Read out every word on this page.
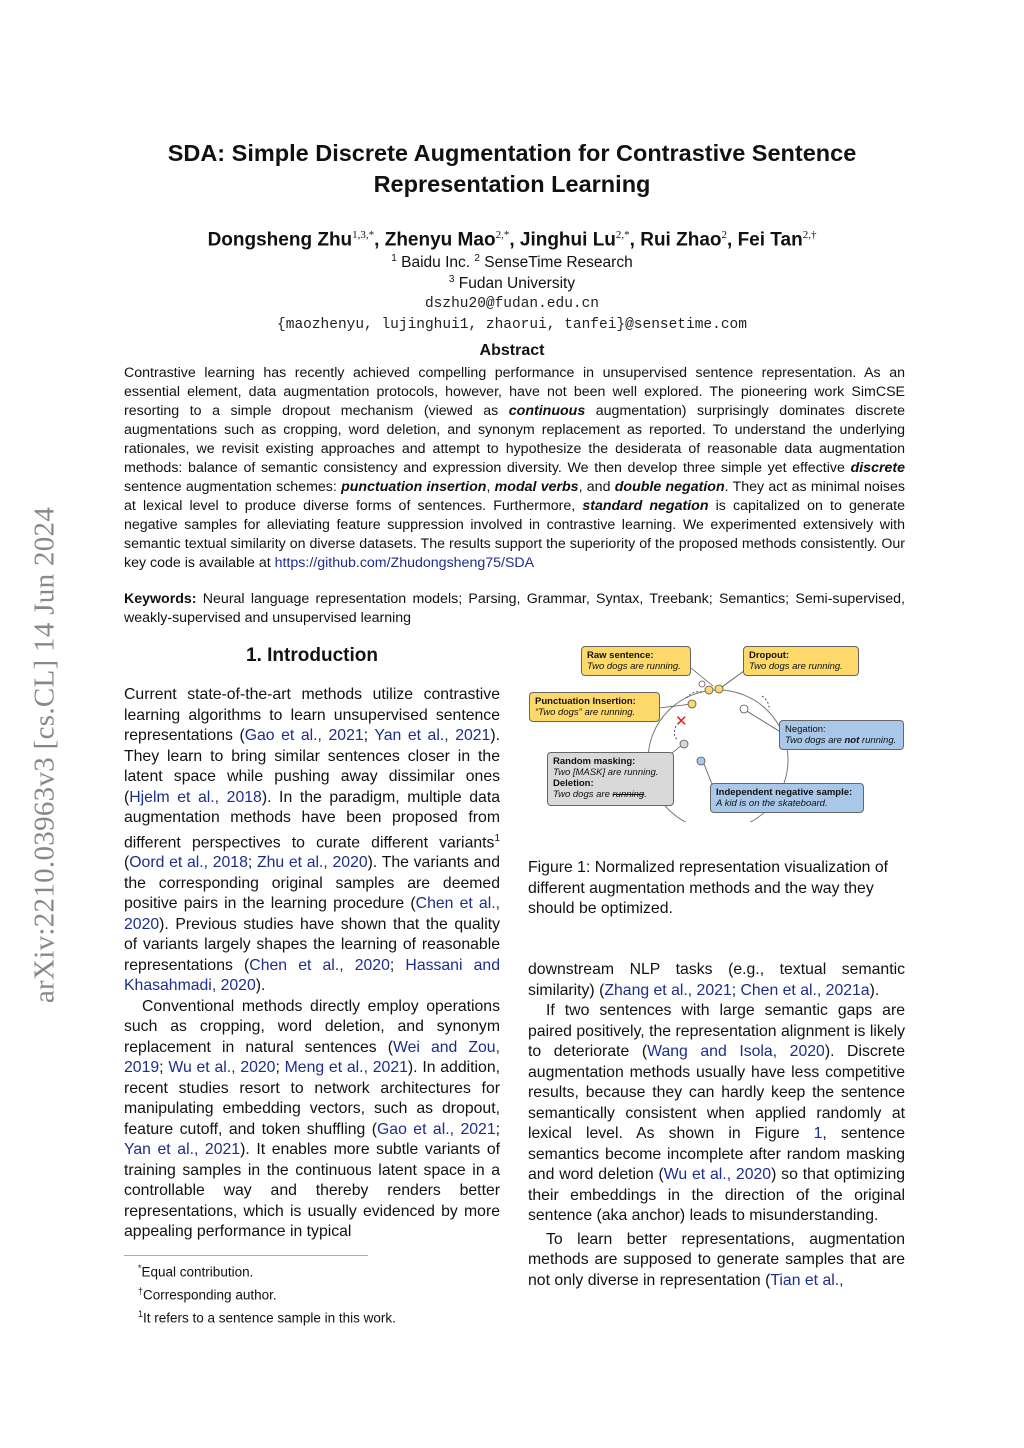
arXiv:2210.03963v3 [cs.CL] 14 Jun 2024
SDA: Simple Discrete Augmentation for Contrastive Sentence
Representation Learning
Dongsheng Zhu$^{1,3,*}$, Zhenyu Mao$^{2,*}$, Jinghui $Lu^{2,*}$, Rui Zhao$^2$, Fei Tan$^{2,\dagger}$
$^1$ Baidu Inc. $^2$ SenseTime Research
$^3$ Fudan University
dszhu20@fudan.edu.cn
{maozhenyu, lujinghui1, zhaorui, tanfei}@sensetime.com
Abstract
Contrastive learning has recently achieved compelling performance in unsupervised sentence representation. As an essential element, data augmentation protocols, however, have not been well explored. The pioneering work SimCSE resorting to a simple dropout mechanism (viewed as continuous augmentation) surprisingly dominates discrete augmentations such as cropping, word deletion, and synonym replacement as reported. To understand the underlying rationales, we revisit existing approaches and attempt to hypothesize the desiderata of reasonable data augmentation methods: balance of semantic consistency and expression diversity. We then develop three simple yet effective discrete sentence augmentation schemes: punctuation insertion, modal verbs, and double negation. They act as minimal noises at lexical level to produce diverse forms of sentences. Furthermore, standard negation is capitalized on to generate negative samples for alleviating feature suppression involved in contrastive learning. We experimented extensively with semantic textual similarity on diverse datasets. The results support the superiority of the proposed methods consistently. Our key code is available at https://github.com/Zhudongsheng75/SDA
Keywords: Neural language representation models; Parsing, Grammar, Syntax, Treebank; Semantics; Semi-supervised, weakly-supervised and unsupervised learning
1. Introduction

Current state-of-the-art methods utilize contrastive learning algorithms to learn unsupervised sentence representations (Gao et al., 2021; Yan et al., 2021). They learn to bring similar sentences closer in the latent space while pushing away dissimilar ones (Hjelm et al., 2018). In the paradigm, multiple data augmentation methods have been proposed from different perspectives to curate different variants$^1$ (Oord et al., 2018; Zhu et al., 2020). The variants and the corresponding original samples are deemed positive pairs in the learning procedure (Chen et al., 2020). Previous studies have shown that the quality of variants largely shapes the learning of reasonable representations (Chen et al., 2020; Hassani and Khasahmadi, 2020).

Conventional methods directly employ operations such as cropping, word deletion, and synonym replacement in natural sentences (Wei and Zou, 2019; Wu et al., 2020; Meng et al., 2021). In addition, recent studies resort to network architectures for manipulating embedding vectors, such as dropout, feature cutoff, and token shuffling (Gao et al., 2021; Yan et al., 2021). It enables more subtle variants of training samples in the continuous latent space in a controllable way and thereby renders better representations, which is usually evidenced by more appealing performance in typical

*Equal contribution.
†Corresponding author.
$^1$It refers to a sentence sample in this work.
✕
Raw sentence:
Two dogs are running.
Dropout:
Two dogs are running.
Punctuation Insertion:
“Two dogs” are running.
Negation:
Two dogs are not running.
Random masking:
Two [MASK] are running.
Deletion:
Two dogs are running.	Independent negative sample:
A kid is on the skateboard.
Figure 1: Normalized representation visualization of different augmentation methods and the way they should be optimized.

downstream NLP tasks (e.g., textual semantic similarity) (Zhang et al., 2021; Chen et al., 2021a).

If two sentences with large semantic gaps are paired positively, the representation alignment is likely to deteriorate (Wang and Isola, 2020). Discrete augmentation methods usually have less competitive results, because they can hardly keep the sentence semantically consistent when applied randomly at lexical level. As shown in Figure 1, sentence semantics become incomplete after random masking and word deletion (Wu et al., 2020) so that optimizing their embeddings in the direction of the original sentence (aka anchor) leads to misunderstanding.

To learn better representations, augmentation methods are supposed to generate samples that are not only diverse in representation (Tian et al.,
